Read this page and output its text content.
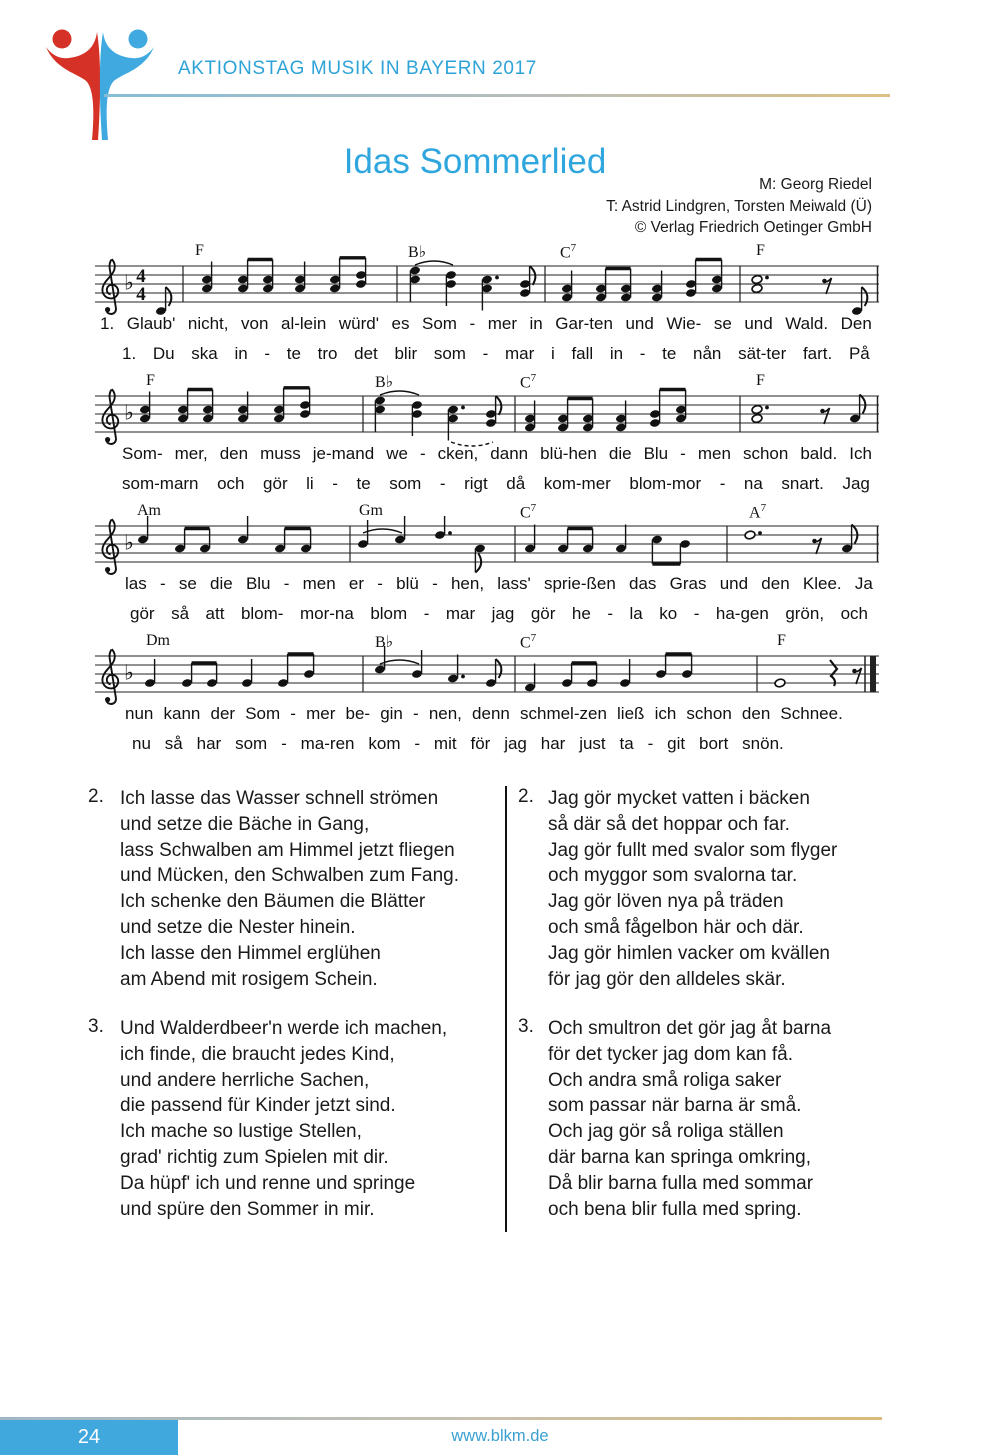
AKTIONSTAG MUSIK IN BAYERN 2017
Idas Sommerlied
M: Georg Riedel
T: Astrid Lindgren, Torsten Meiwald (Ü)
© Verlag Friedrich Oetinger GmbH
2. Ich lasse das Wasser schnell strömen
und setze die Bäche in Gang,
lass Schwalben am Himmel jetzt fliegen
und Mücken, den Schwalben zum Fang.
Ich schenke den Bäumen die Blätter
und setze die Nester hinein.
Ich lasse den Himmel erglühen
am Abend mit rosigem Schein.
2. Jag gör mycket vatten i bäcken
så där så det hoppar och far.
Jag gör fullt med svalor som flyger
och myggor som svalorna tar.
Jag gör löven nya på träden
och små fågelbon här och där.
Jag gör himlen vacker om kvällen
för jag gör den alldeles skär.
3. Und Walderdbeer'n werde ich machen,
ich finde, die braucht jedes Kind,
und andere herrliche Sachen,
die passend für Kinder jetzt sind.
Ich mache so lustige Stellen,
grad' richtig zum Spielen mit dir.
Da hüpf' ich und renne und springe
und spüre den Sommer in mir.
3. Och smultron det gör jag åt barna
för det tycker jag dom kan få.
Och andra små roliga saker
som passar när barna är små.
Och jag gör så roliga ställen
där barna kan springa omkring,
Då blir barna fulla med sommar
och bena blir fulla med spring.
www.blkm.de
24
F	B♭	$C^7$	F
♭ 4
4
1. Glaub' nicht, von al-lein würd' es Som - mer in Gar-ten und Wie- se und Wald. Den
1. Du ska in - te tro det blir som - mar i fall in - te nån sät-ter fart. På
F	B♭	$C^7$	F
♭
Som- mer, den muss je-mand we - cken, dann blü-hen die Blu - men schon bald. Ich
som-marn och gör li - te som - rigt då kom-mer blom-mor - na snart. Jag
Am	Gm	$C^7$	$A^7$
♭
las - se die Blu - men er - blü - hen, lass' sprie-ßen das Gras und den Klee. Ja
gör så att blom- mor-na blom - mar jag gör he - la ko - ha-gen grön, och
Dm	B♭	$C^7$	F
♭
nun kann der Som - mer be- gin - nen, denn schmel-zen ließ ich schon den Schnee.
nu så har som - ma-ren kom - mit för jag har just ta - git bort snön.
